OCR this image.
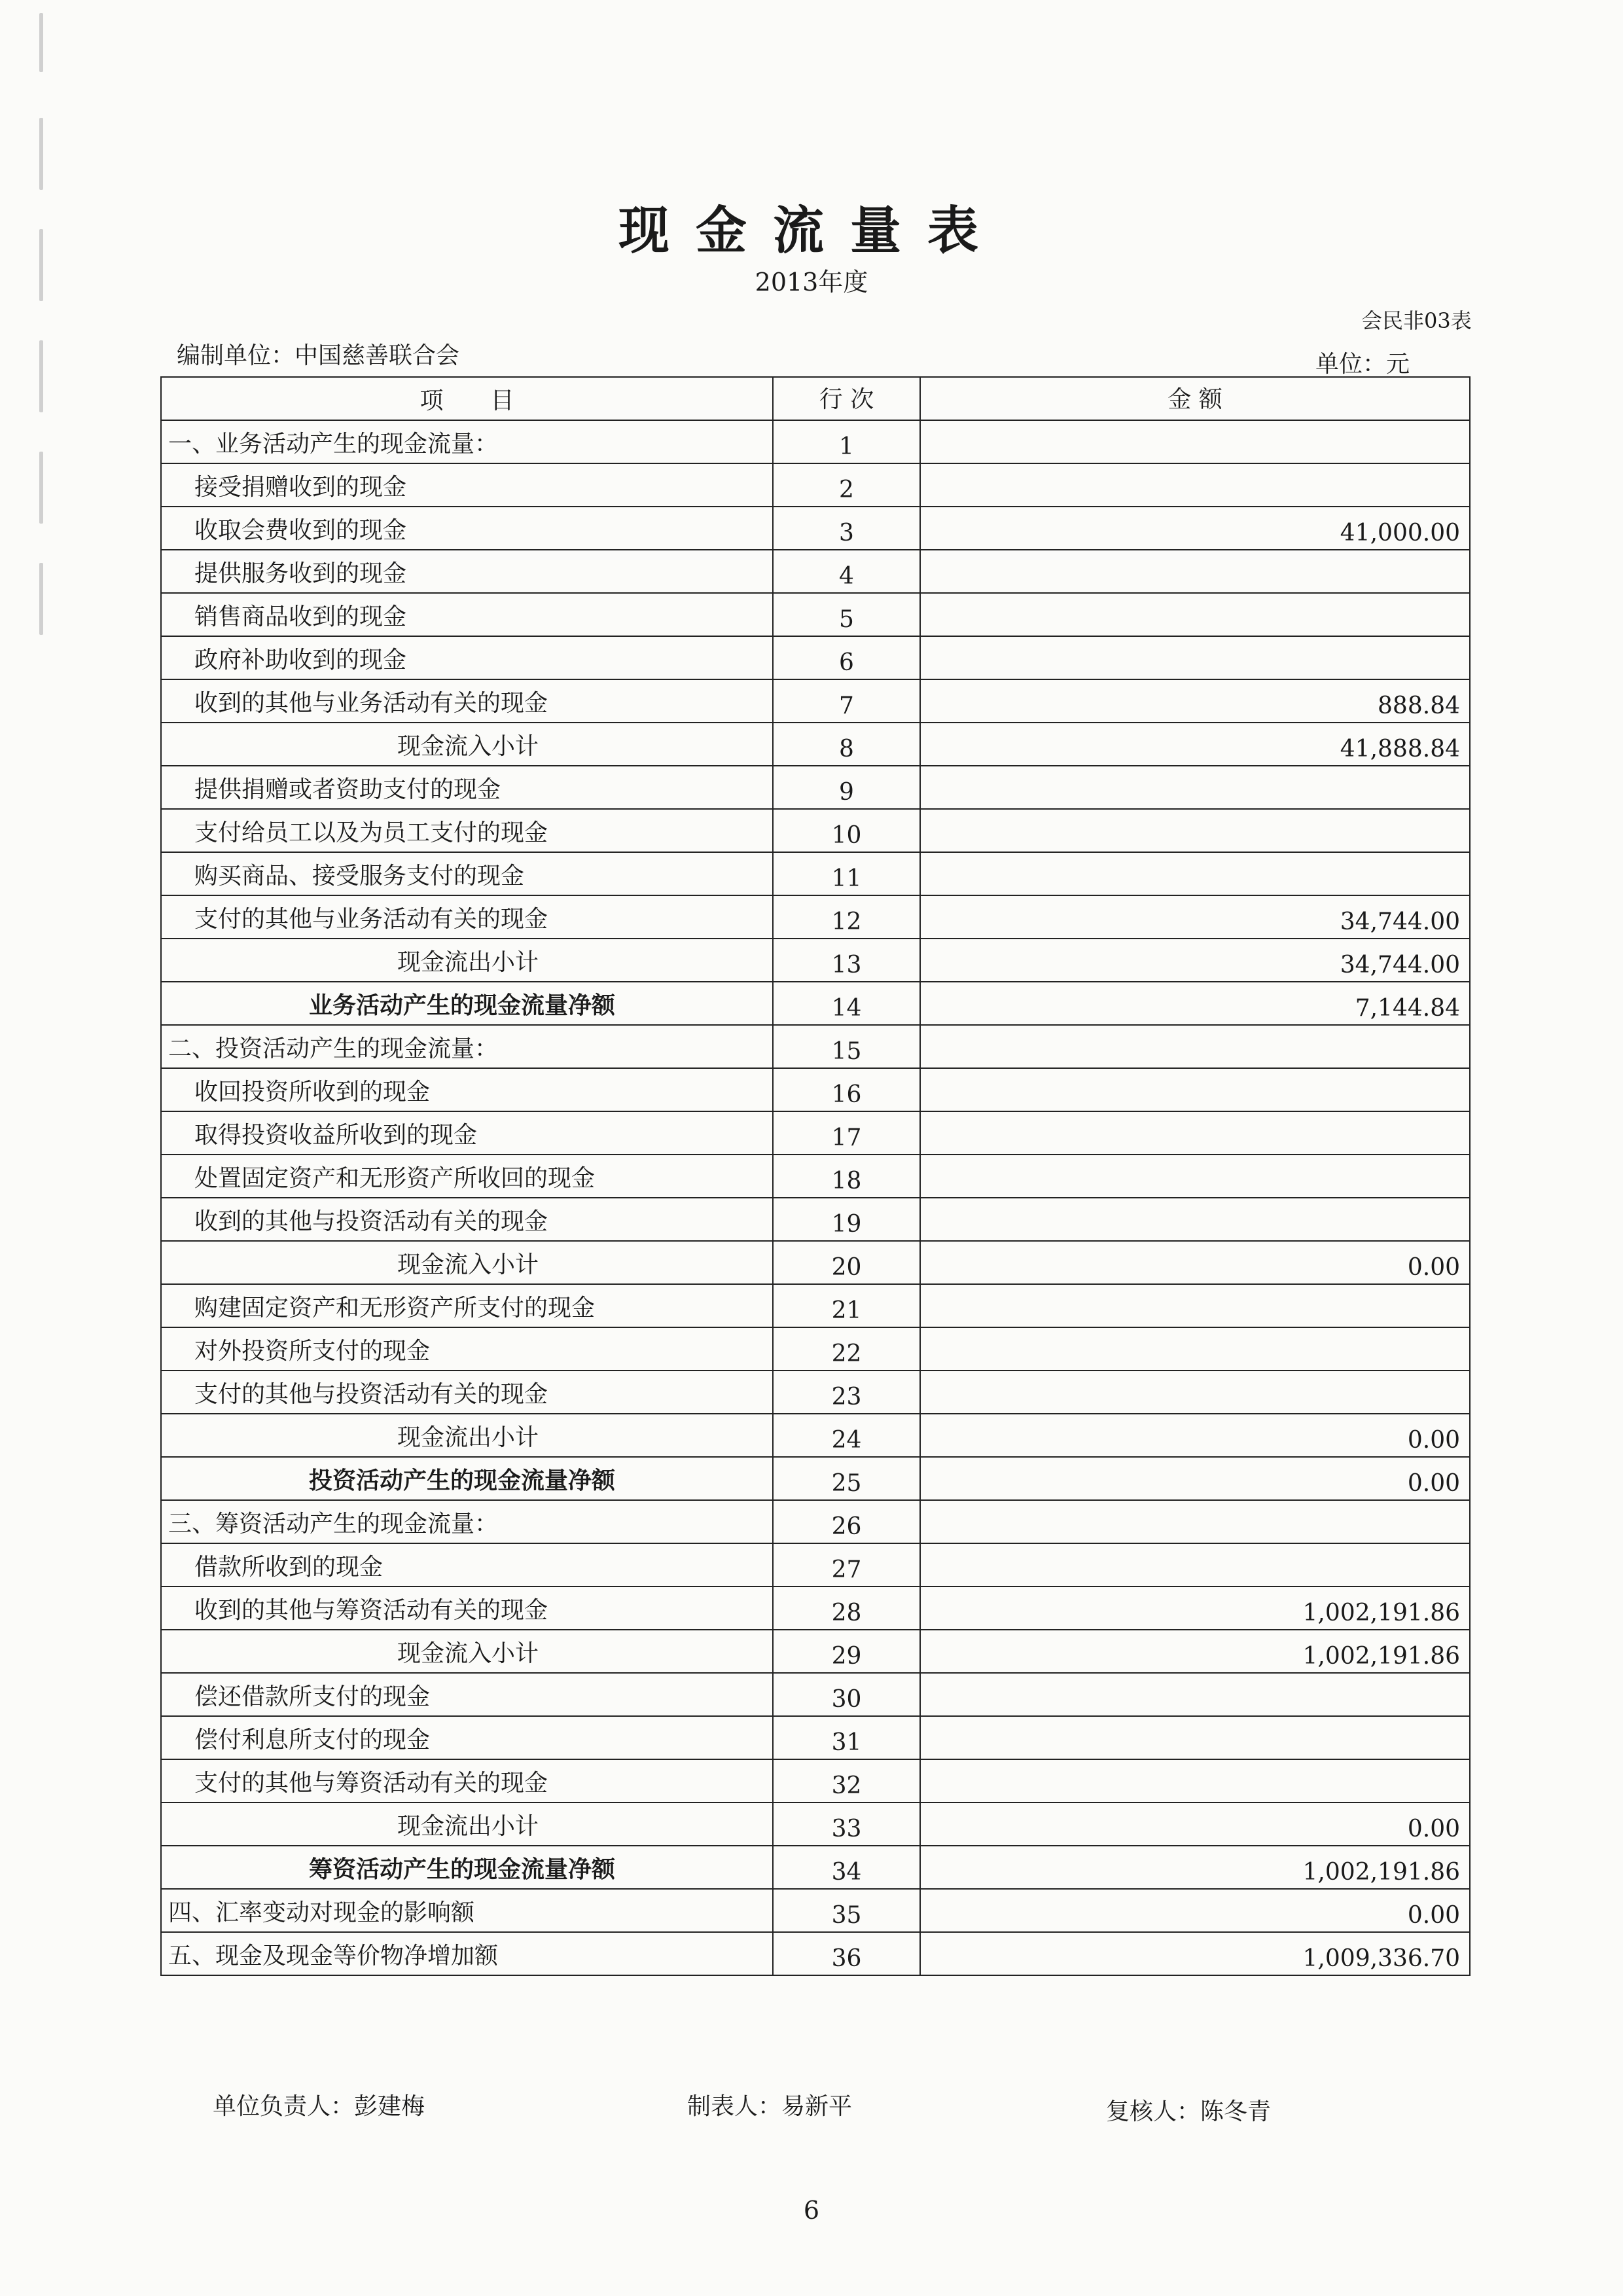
现金流量表
2013年度
会民非03表
编制单位：中国慈善联合会	单位：元
项　　目	行 次	金 额
一、业务活动产生的现金流量：	1	
接受捐赠收到的现金	2	
收取会费收到的现金	3	41,000.00
提供服务收到的现金	4	
销售商品收到的现金	5	
政府补助收到的现金	6	
收到的其他与业务活动有关的现金	7	888.84
现金流入小计	8	41,888.84
提供捐赠或者资助支付的现金	9	
支付给员工以及为员工支付的现金	10	
购买商品、接受服务支付的现金	11	
支付的其他与业务活动有关的现金	12	34,744.00
现金流出小计	13	34,744.00
业务活动产生的现金流量净额	14	7,144.84
二、投资活动产生的现金流量：	15	
收回投资所收到的现金	16	
取得投资收益所收到的现金	17	
处置固定资产和无形资产所收回的现金	18	
收到的其他与投资活动有关的现金	19	
现金流入小计	20	0.00
购建固定资产和无形资产所支付的现金	21	
对外投资所支付的现金	22	
支付的其他与投资活动有关的现金	23	
现金流出小计	24	0.00
投资活动产生的现金流量净额	25	0.00
三、筹资活动产生的现金流量：	26	
借款所收到的现金	27	
收到的其他与筹资活动有关的现金	28	1,002,191.86
现金流入小计	29	1,002,191.86
偿还借款所支付的现金	30	
偿付利息所支付的现金	31	
支付的其他与筹资活动有关的现金	32	
现金流出小计	33	0.00
筹资活动产生的现金流量净额	34	1,002,191.86
四、汇率变动对现金的影响额	35	0.00
五、现金及现金等价物净增加额	36	1,009,336.70
单位负责人：彭建梅	制表人：易新平	复核人：陈冬青
6
